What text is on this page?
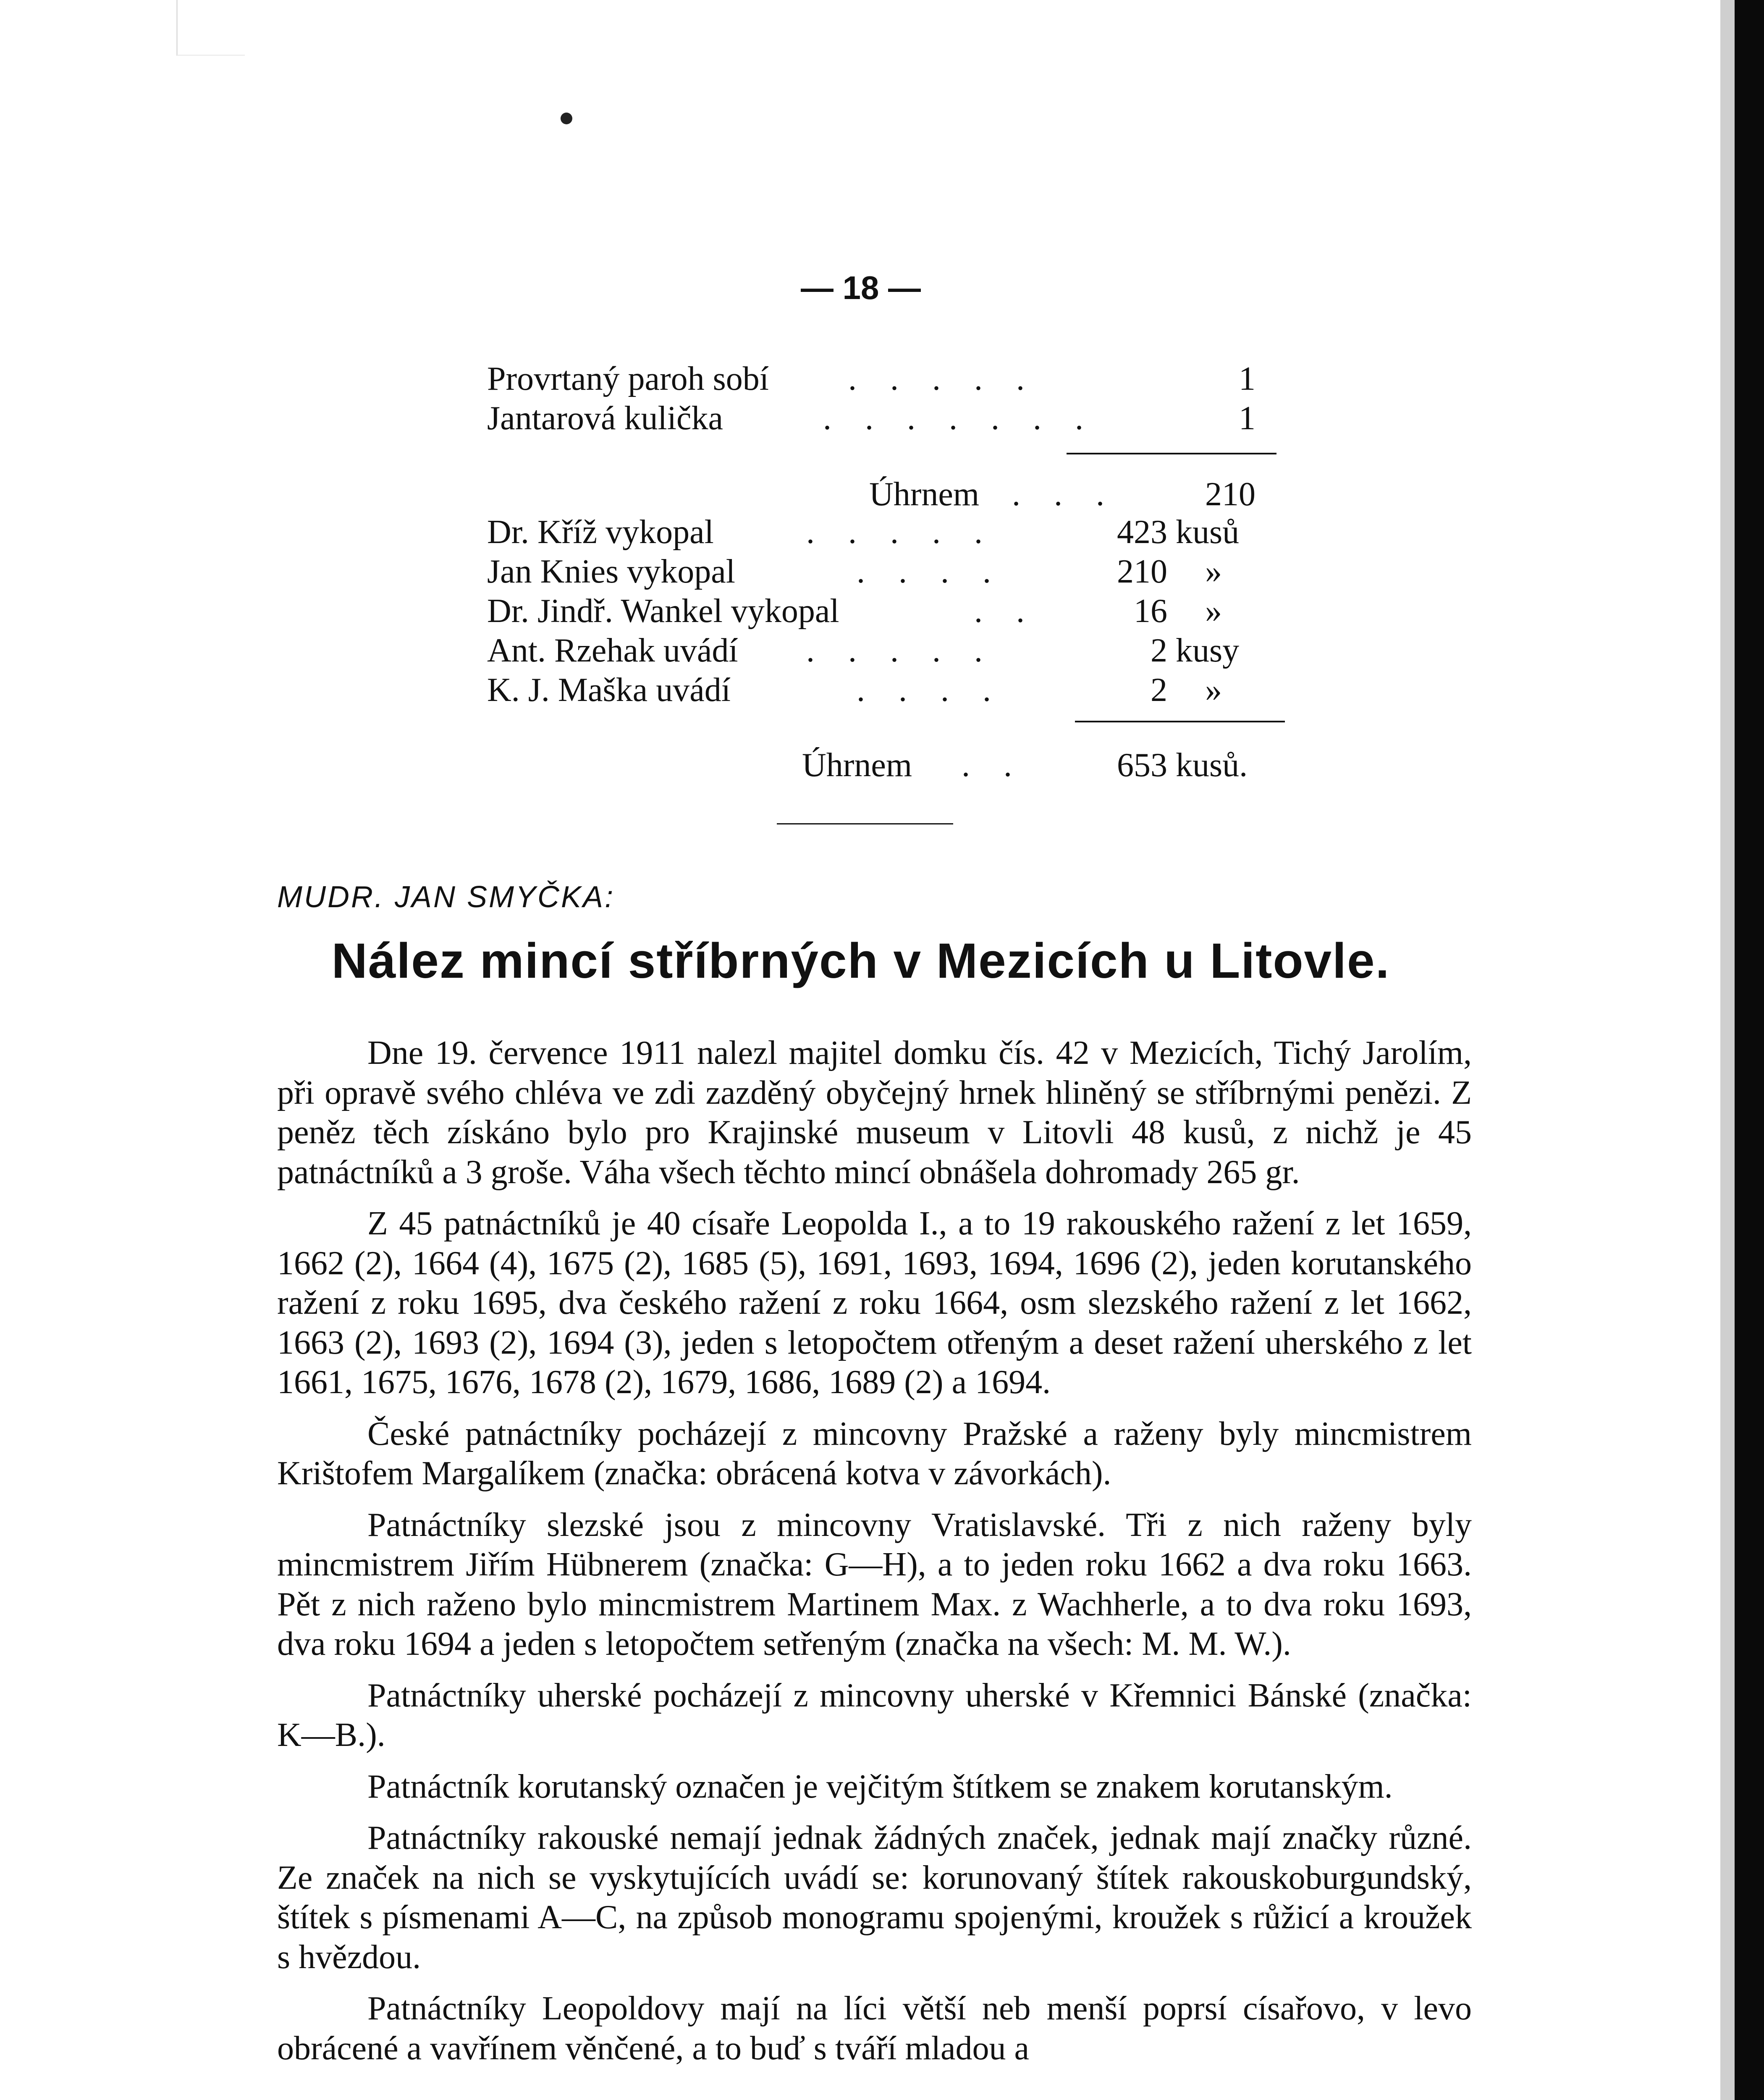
— 18 —
Provrtaný paroh sobí . . . . .	1
Jantarová kulička	. . . . . . .	1
Úhrnem . . .	210
Dr. Kříž vykopal	. . . . .	423 kusů
Jan Knies vykopal	. . . .	210 »
Dr. Jindř. Wankel vykopal	. .	16 »
Ant. Rzehak uvádí . . . . .	2 kusy
K. J. Maška uvádí	. . . .	2 »
Úhrnem . .	653 kusů.
MUDR. JAN SMYČKA:
Nález mincí stříbrných v Mezicích u Litovle.

Dne 19. července 1911 nalezl majitel domku čís. 42 v Mezicích, Tichý Jarolím, při opravě svého chléva ve zdi zazděný obyčejný hrnek hliněný se stříbrnými penězi. Z peněz těch získáno bylo pro Krajinské museum v Litovli 48 kusů, z nichž je 45 patnáctníků a 3 groše. Váha všech těchto mincí obnášela dohromady 265 gr.

Z 45 patnáctníků je 40 císaře Leopolda I., a to 19 rakouského ražení z let 1659, 1662 (2), 1664 (4), 1675 (2), 1685 (5), 1691, 1693, 1694, 1696 (2), jeden korutanského ražení z roku 1695, dva českého ražení z roku 1664, osm slezského ražení z let 1662, 1663 (2), 1693 (2), 1694 (3), jeden s letopočtem otřeným a deset ražení uherského z let 1661, 1675, 1676, 1678 (2), 1679, 1686, 1689 (2) a 1694.

České patnáctníky pocházejí z mincovny Pražské a raženy byly mincmistrem Krištofem Margalíkem (značka: obrácená kotva v závorkách).

Patnáctníky slezské jsou z mincovny Vratislavské. Tři z nich raženy byly mincmistrem Jiřím Hübnerem (značka: G—H), a to jeden roku 1662 a dva roku 1663. Pět z nich raženo bylo mincmistrem Martinem Max. z Wachherle, a to dva roku 1693, dva roku 1694 a jeden s letopočtem setřeným (značka na všech: M. M. W.).

Patnáctníky uherské pocházejí z mincovny uherské v Křemnici Bánské (značka: K—B.).

Patnáctník korutanský označen je vejčitým štítkem se znakem korutanským.

Patnáctníky rakouské nemají jednak žádných značek, jednak mají značky různé. Ze značek na nich se vyskytujících uvádí se: korunovaný štítek rakouskoburgundský, štítek s písmenami A—C, na způsob monogramu spojenými, kroužek s růžicí a kroužek s hvězdou.

Patnáctníky Leopoldovy mají na líci větší neb menší poprsí císařovo, v levo obrácené a vavřínem věnčené, a to buď s tváří mladou a
